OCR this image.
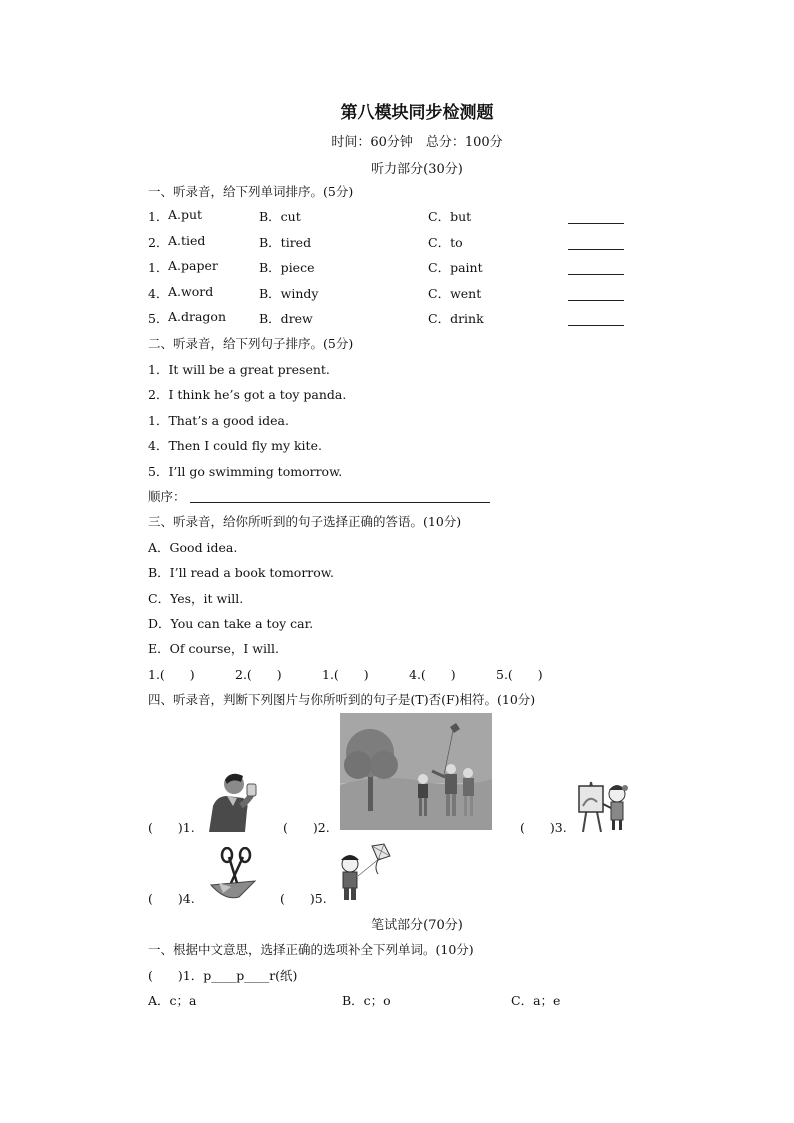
第八模块同步检测题
时间：60分钟　总分：100分
听力部分(30分)
一、听录音，给下列单词排序。(5分)
1． A.put	B．cut	C．but
2． A.tied	B．tired	C．to
1． A.paper	B．piece	C．paint
4． A.word	B．windy	C．went
5． A.dragon	B．drew	C．drink
二、听录音，给下列句子排序。(5分)
1．It will be a great present.
2．I think he’s got a toy panda.
1．That’s a good idea.
4．Then I could fly my kite.
5．I’ll go swimming tomorrow.
顺序：
三、听录音，给你所听到的句子选择正确的答语。(10分)
A．Good idea.
B．I’ll read a book tomorrow.
C．Yes，it will.
D．You can take a toy car.
E．Of course，I will.
1.(　　)	2.(　　)	1.(　　)	4.(　　)	5.(　　)
四、听录音，判断下列图片与你所听到的句子是(T)否(F)相符。(10分)
(　　)1.	(　　)2.	(　　)3.
(　　)4.	(　　)5.
笔试部分(70分)
一、根据中文意思，选择正确的选项补全下列单词。(10分)
(　　)1．p____p____r(纸)
A．c；a	B．c；o	C．a；e
